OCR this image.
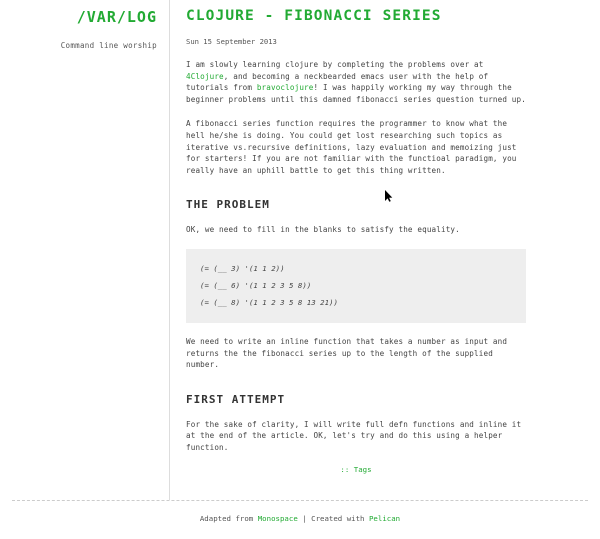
/VAR/LOG
Command line worship
CLOJURE - FIBONACCI SERIES
Sun 15 September 2013

I am slowly learning clojure by completing the problems over at 4Clojure, and becoming a neckbearded emacs user with the help of tutorials from bravoclojure! I was happily working my way through the beginner problems until this damned fibonacci series question turned up.

A fibonacci series function requires the programmer to know what the hell he/she is doing. You could get lost researching such topics as iterative vs.recursive definitions, lazy evaluation and memoizing just for starters! If you are not familiar with the functioal paradigm, you really have an uphill battle to get this thing written.

THE PROBLEM

OK, we need to fill in the blanks to satisfy the equality.

(= (__ 3) '(1 1 2))
(= (__ 6) '(1 1 2 3 5 8))
(= (__ 8) '(1 1 2 3 5 8 13 21))

We need to write an inline function that takes a number as input and returns the the fibonacci series up to the length of the supplied number.

FIRST ATTEMPT

For the sake of clarity, I will write full defn functions and inline it at the end of the article. OK, let's try and do this using a helper function.

:: Tags
Adapted from Monospace | Created with Pelican
